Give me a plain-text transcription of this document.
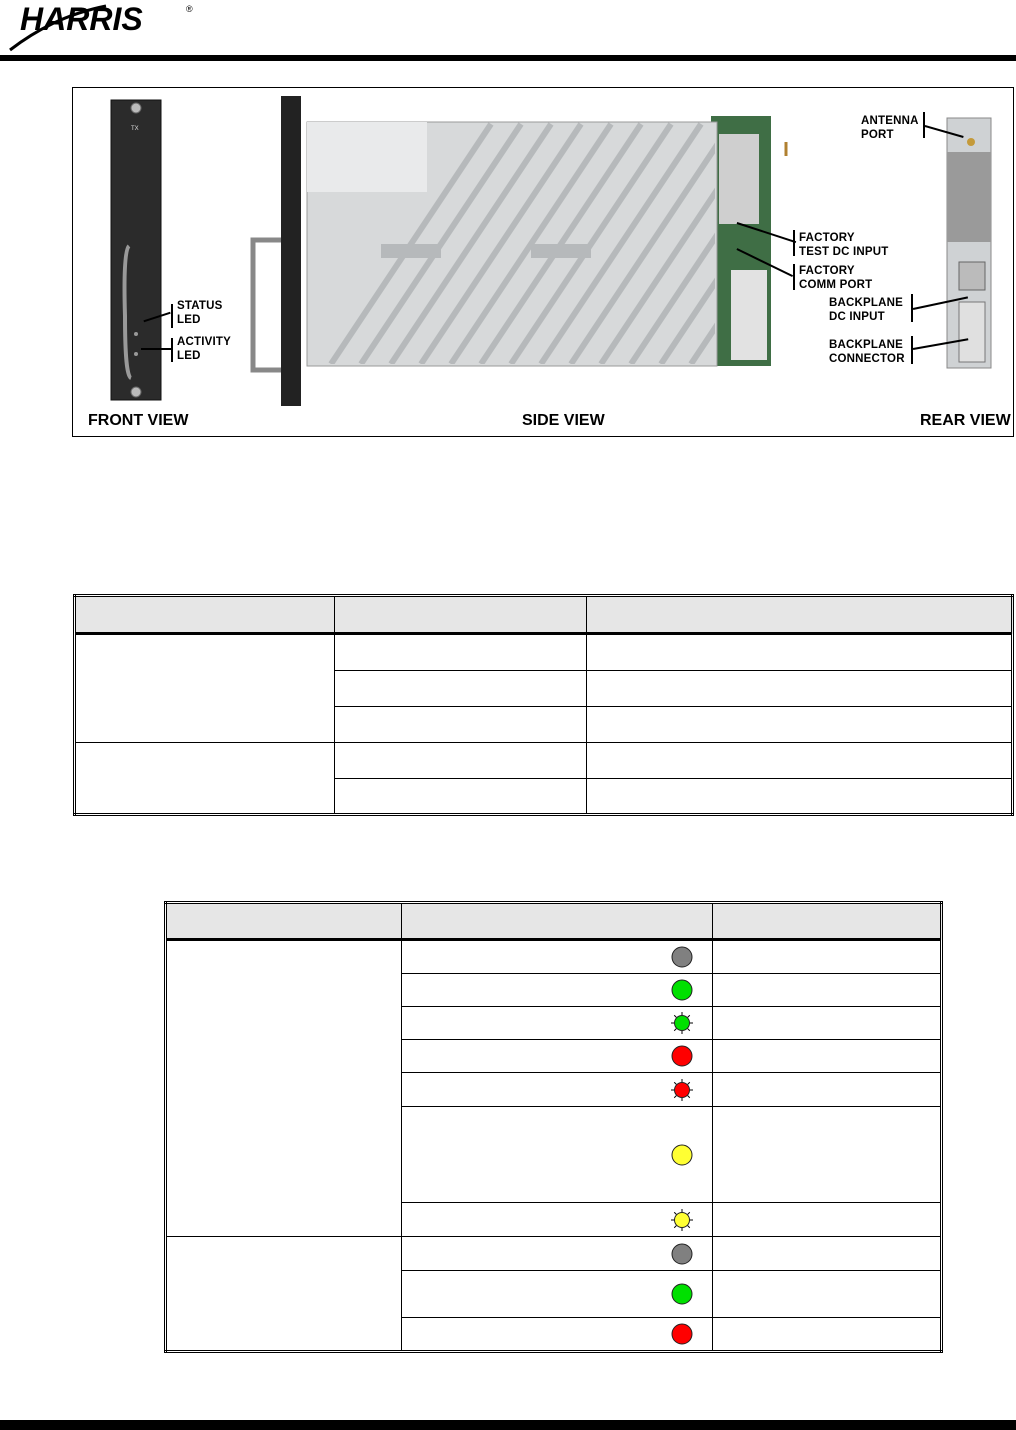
HARRIS	®
TX
STATUS
LED
ACTIVITY
LED
FACTORY
TEST DC INPUT
FACTORY
COMM PORT
ANTENNA
PORT
BACKPLANE
DC INPUT
BACKPLANE
CONNECTOR
FRONT VIEW	SIDE VIEW	REAR VIEW
